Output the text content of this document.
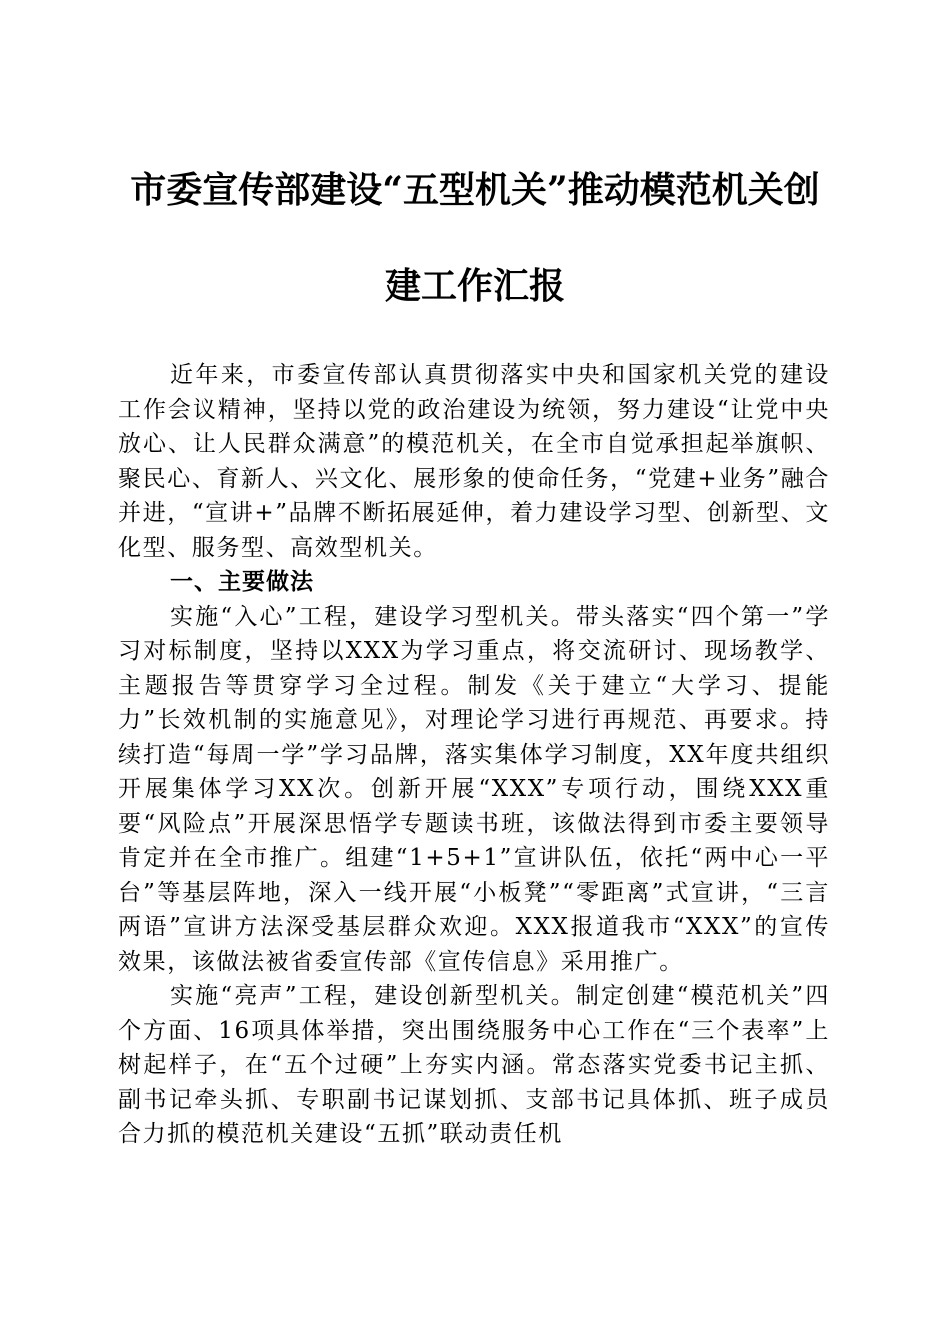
市委宣传部建设“五型机关”推动模范机关创
建工作汇报

近年来，市委宣传部认真贯彻落实中央和国家机关党的建设工作会议精神，坚持以党的政治建设为统领，努力建设“让党中央放心、让人民群众满意”的模范机关，在全市自觉承担起举旗帜、聚民心、育新人、兴文化、展形象的使命任务，“党建+业务”融合并进，“宣讲+”品牌不断拓展延伸，着力建设学习型、创新型、文化型、服务型、高效型机关。

一、主要做法

实施“入心”工程，建设学习型机关。带头落实“四个第一”学习对标制度，坚持以XXX为学习重点，将交流研讨、现场教学、主题报告等贯穿学习全过程。制发《关于建立“大学习、提能力”长效机制的实施意见》，对理论学习进行再规范、再要求。持续打造“每周一学”学习品牌，落实集体学习制度，XX年度共组织开展集体学习XX次。创新开展“XXX”专项行动，围绕XXX重要“风险点”开展深思悟学专题读书班，该做法得到市委主要领导肯定并在全市推广。组建“1+5+1”宣讲队伍，依托“两中心一平台”等基层阵地，深入一线开展“小板凳”“零距离”式宣讲，“三言两语”宣讲方法深受基层群众欢迎。XXX报道我市“XXX”的宣传效果，该做法被省委宣传部《宣传信息》采用推广。

实施“亮声”工程，建设创新型机关。制定创建“模范机关”四个方面、16项具体举措，突出围绕服务中心工作在“三个表率”上树起样子，在“五个过硬”上夯实内涵。常态落实党委书记主抓、副书记牵头抓、专职副书记谋划抓、支部书记具体抓、班子成员合力抓的模范机关建设“五抓”联动责任机
